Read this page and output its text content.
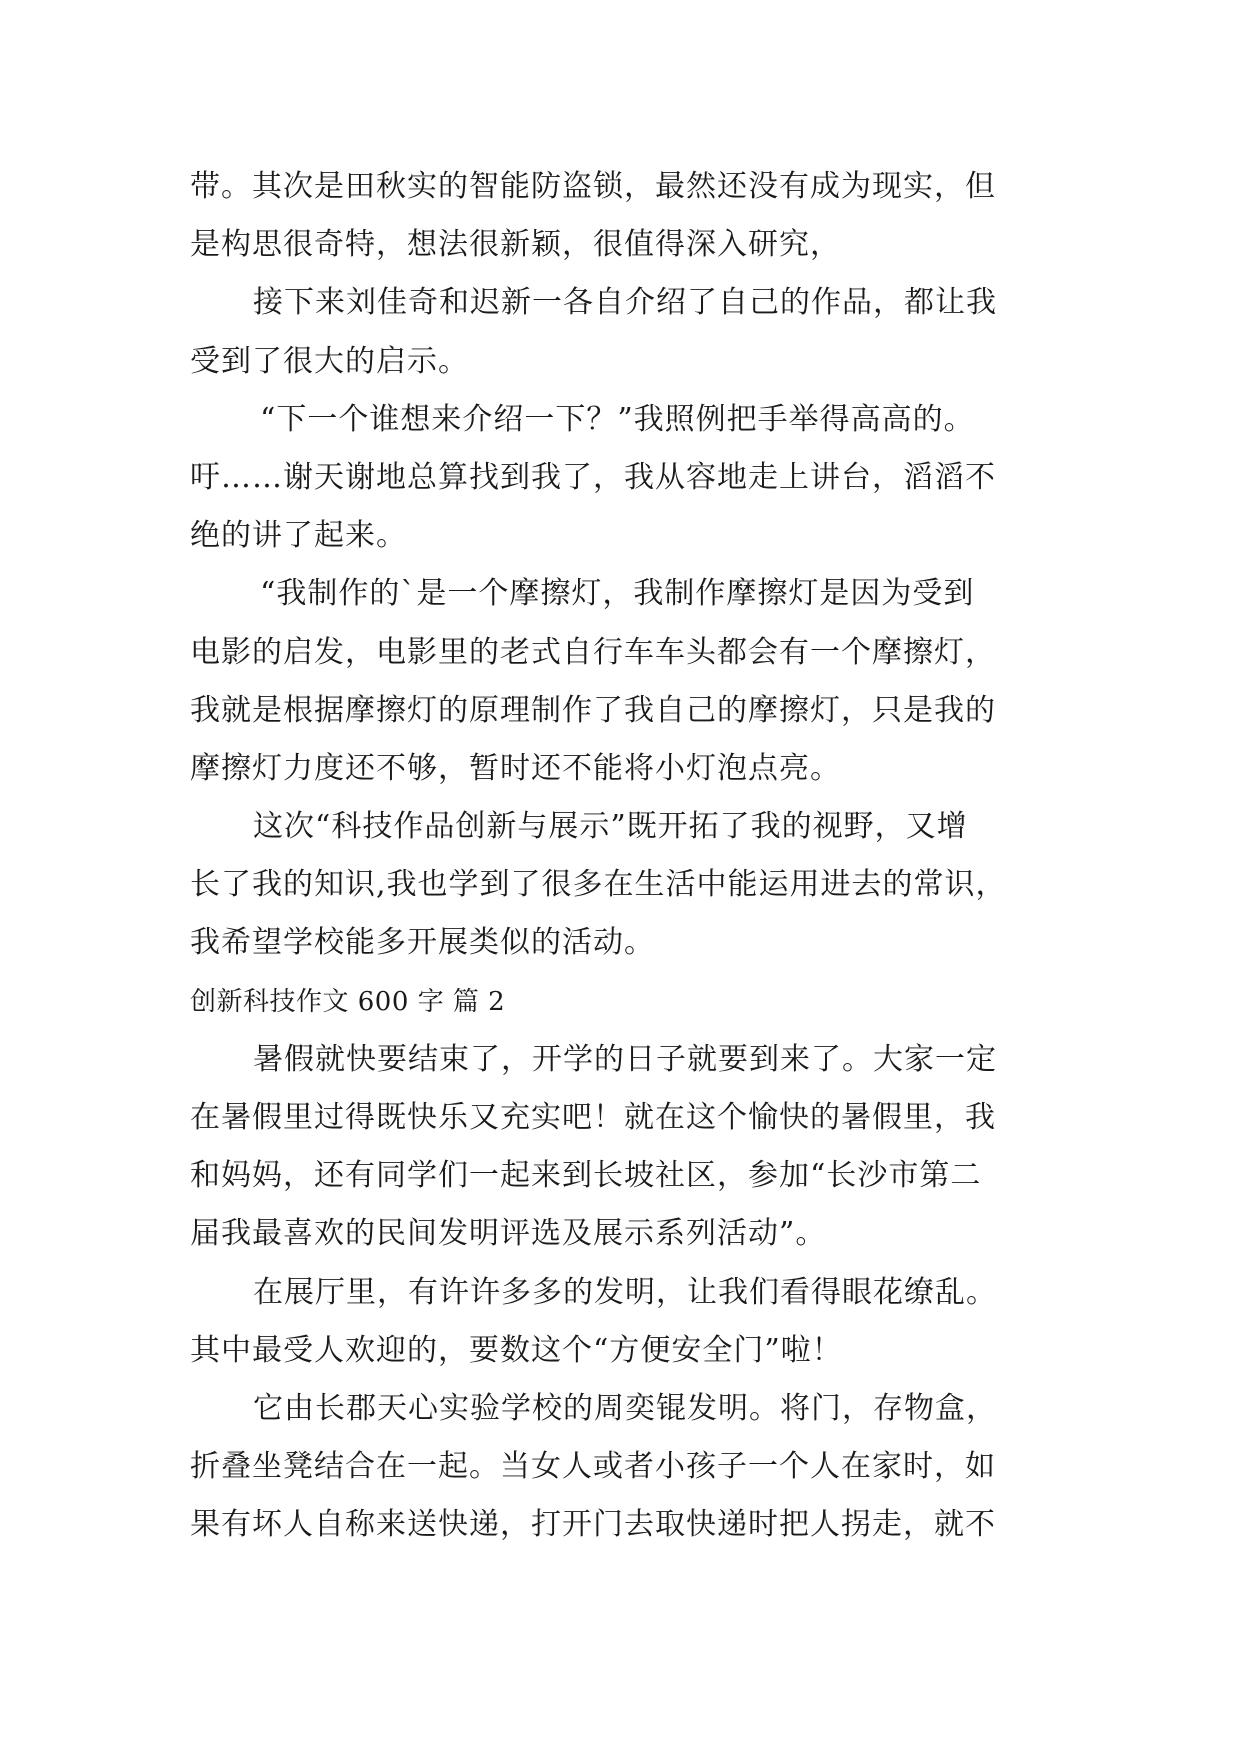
带。其次是田秋实的智能防盗锁，最然还没有成为现实，但
是构思很奇特，想法很新颖，很值得深入研究，
接下来刘佳奇和迟新一各自介绍了自己的作品，都让我
受到了很大的启示。
“下一个谁想来介绍一下？”我照例把手举得高高的。
吁……谢天谢地总算找到我了，我从容地走上讲台，滔滔不
绝的讲了起来。
“我制作的`是一个摩擦灯，我制作摩擦灯是因为受到
电影的启发，电影里的老式自行车车头都会有一个摩擦灯，
我就是根据摩擦灯的原理制作了我自己的摩擦灯，只是我的
摩擦灯力度还不够，暂时还不能将小灯泡点亮。
这次“科技作品创新与展示”既开拓了我的视野，又增
长了我的知识,我也学到了很多在生活中能运用进去的常识，
我希望学校能多开展类似的活动。
创新科技作文 600 字 篇 2
暑假就快要结束了，开学的日子就要到来了。大家一定
在暑假里过得既快乐又充实吧！就在这个愉快的暑假里，我
和妈妈，还有同学们一起来到长坡社区，参加“长沙市第二
届我最喜欢的民间发明评选及展示系列活动”。
在展厅里，有许许多多的发明，让我们看得眼花缭乱。
其中最受人欢迎的，要数这个“方便安全门”啦！
它由长郡天心实验学校的周奕锟发明。将门，存物盒，
折叠坐凳结合在一起。当女人或者小孩子一个人在家时，如
果有坏人自称来送快递，打开门去取快递时把人拐走，就不
